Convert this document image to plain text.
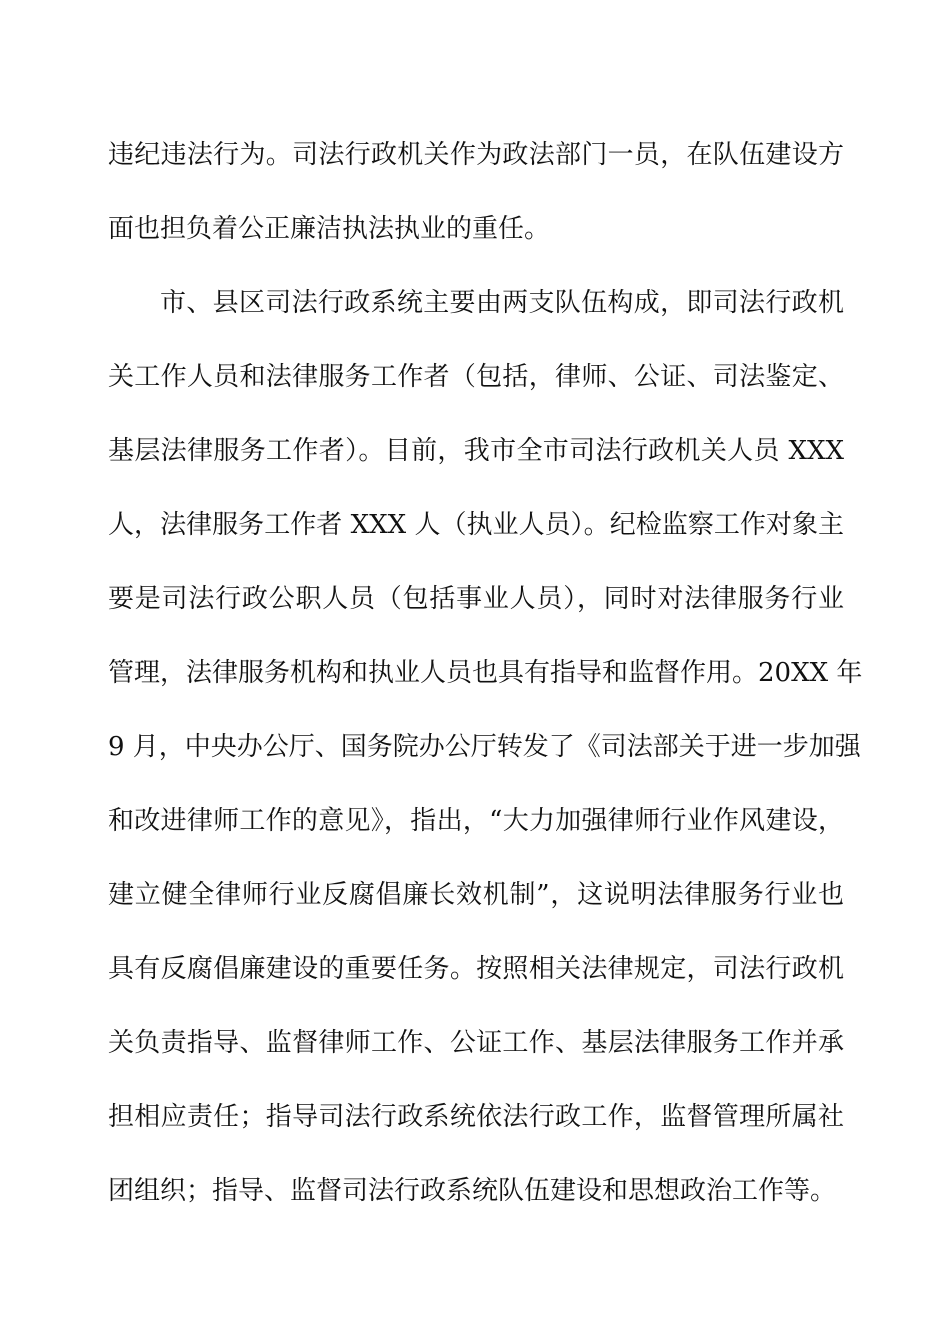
违纪违法行为。司法行政机关作为政法部门一员，在队伍建设方
面也担负着公正廉洁执法执业的重任。
市、县区司法行政系统主要由两支队伍构成，即司法行政机
关工作人员和法律服务工作者（包括，律师、公证、司法鉴定、
基层法律服务工作者）。目前，我市全市司法行政机关人员 XXX
人，法律服务工作者 XXX 人（执业人员）。纪检监察工作对象主
要是司法行政公职人员（包括事业人员），同时对法律服务行业
管理，法律服务机构和执业人员也具有指导和监督作用。20XX 年
9 月，中央办公厅、国务院办公厅转发了《司法部关于进一步加强
和改进律师工作的意见》，指出，“大力加强律师行业作风建设，
建立健全律师行业反腐倡廉长效机制”，这说明法律服务行业也
具有反腐倡廉建设的重要任务。按照相关法律规定，司法行政机
关负责指导、监督律师工作、公证工作、基层法律服务工作并承
担相应责任；指导司法行政系统依法行政工作，监督管理所属社
团组织；指导、监督司法行政系统队伍建设和思想政治工作等。
